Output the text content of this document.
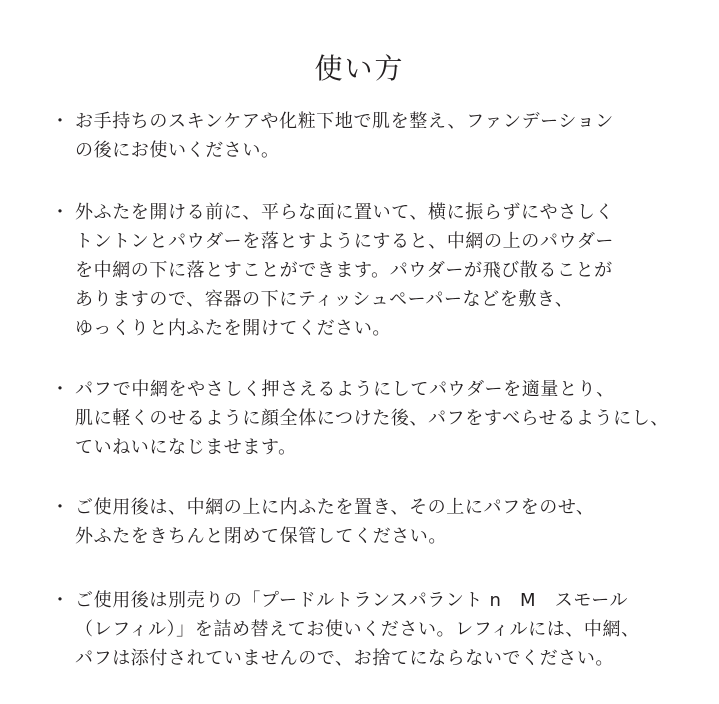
使い方
・ お手持ちのスキンケアや化粧下地で肌を整え、ファンデーション
の後にお使いください。
・ 外ふたを開ける前に、平らな面に置いて、横に振らずにやさしく
トントンとパウダーを落とすようにすると、中網の上のパウダー
を中網の下に落とすことができます。パウダーが飛び散ることが
ありますので、容器の下にティッシュペーパーなどを敷き、
ゆっくりと内ふたを開けてください。
・ パフで中網をやさしく押さえるようにしてパウダーを適量とり、
肌に軽くのせるように顔全体につけた後、パフをすべらせるようにし、
ていねいになじませます。
・ ご使用後は、中網の上に内ふたを置き、その上にパフをのせ、
外ふたをきちんと閉めて保管してください。
・ ご使用後は別売りの「プードルトランスパラント n　M　スモール
（レフィル）」を詰め替えてお使いください。レフィルには、中網、
パフは添付されていませんので、お捨てにならないでください。
